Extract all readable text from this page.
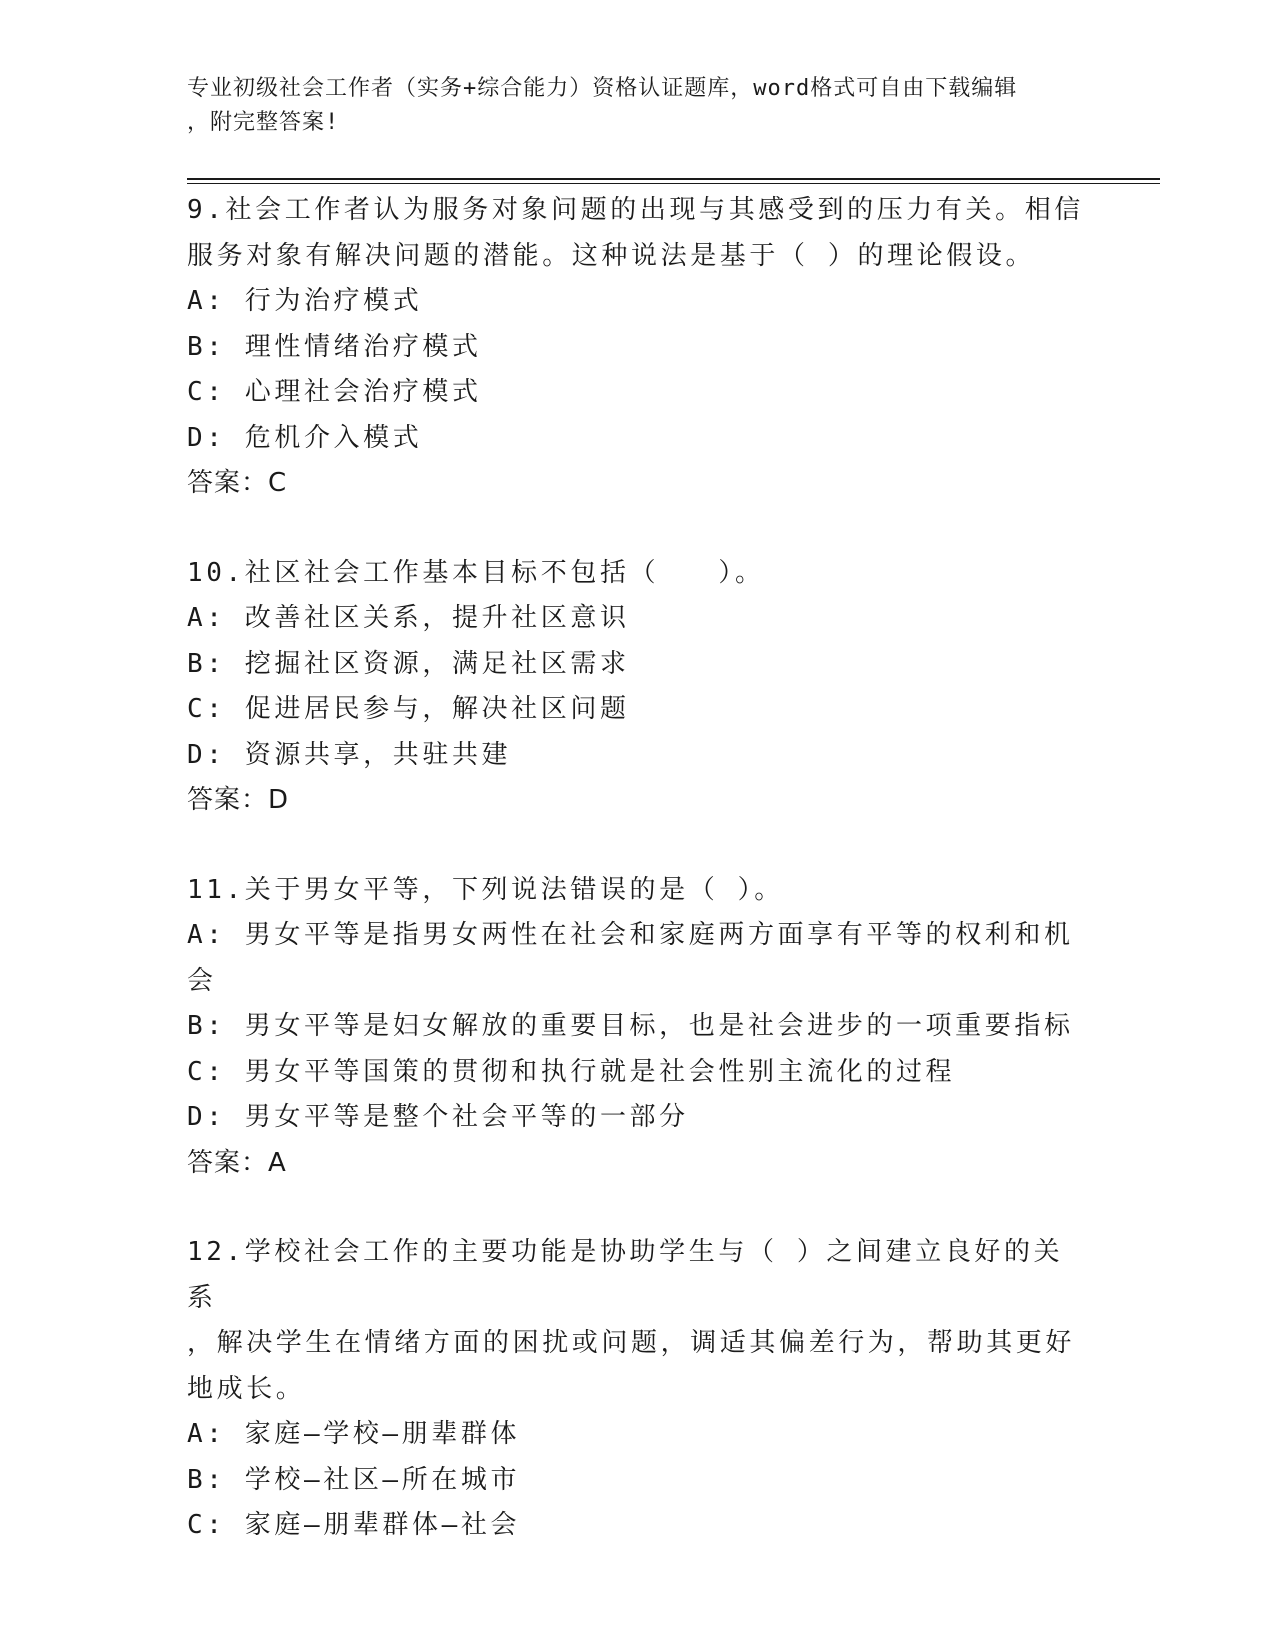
专业初级社会工作者（实务+综合能力）资格认证题库，word格式可自由下载编辑
，附完整答案!

9.社会工作者认为服务对象问题的出现与其感受到的压力有关。相信

服务对象有解决问题的潜能。这种说法是基于（ ）的理论假设。

A: 行为治疗模式

B: 理性情绪治疗模式

C: 心理社会治疗模式

D: 危机介入模式

答案：C

10.社区社会工作基本目标不包括（　　）。

A: 改善社区关系，提升社区意识

B: 挖掘社区资源，满足社区需求

C: 促进居民参与，解决社区问题

D: 资源共享，共驻共建

答案：D

11.关于男女平等，下列说法错误的是（ ）。

A: 男女平等是指男女两性在社会和家庭两方面享有平等的权利和机会

B: 男女平等是妇女解放的重要目标，也是社会进步的一项重要指标

C: 男女平等国策的贯彻和执行就是社会性别主流化的过程

D: 男女平等是整个社会平等的一部分

答案：A

12.学校社会工作的主要功能是协助学生与（ ）之间建立良好的关系

，解决学生在情绪方面的困扰或问题，调适其偏差行为，帮助其更好

地成长。

A: 家庭—学校—朋辈群体

B: 学校—社区—所在城市

C: 家庭—朋辈群体—社会
